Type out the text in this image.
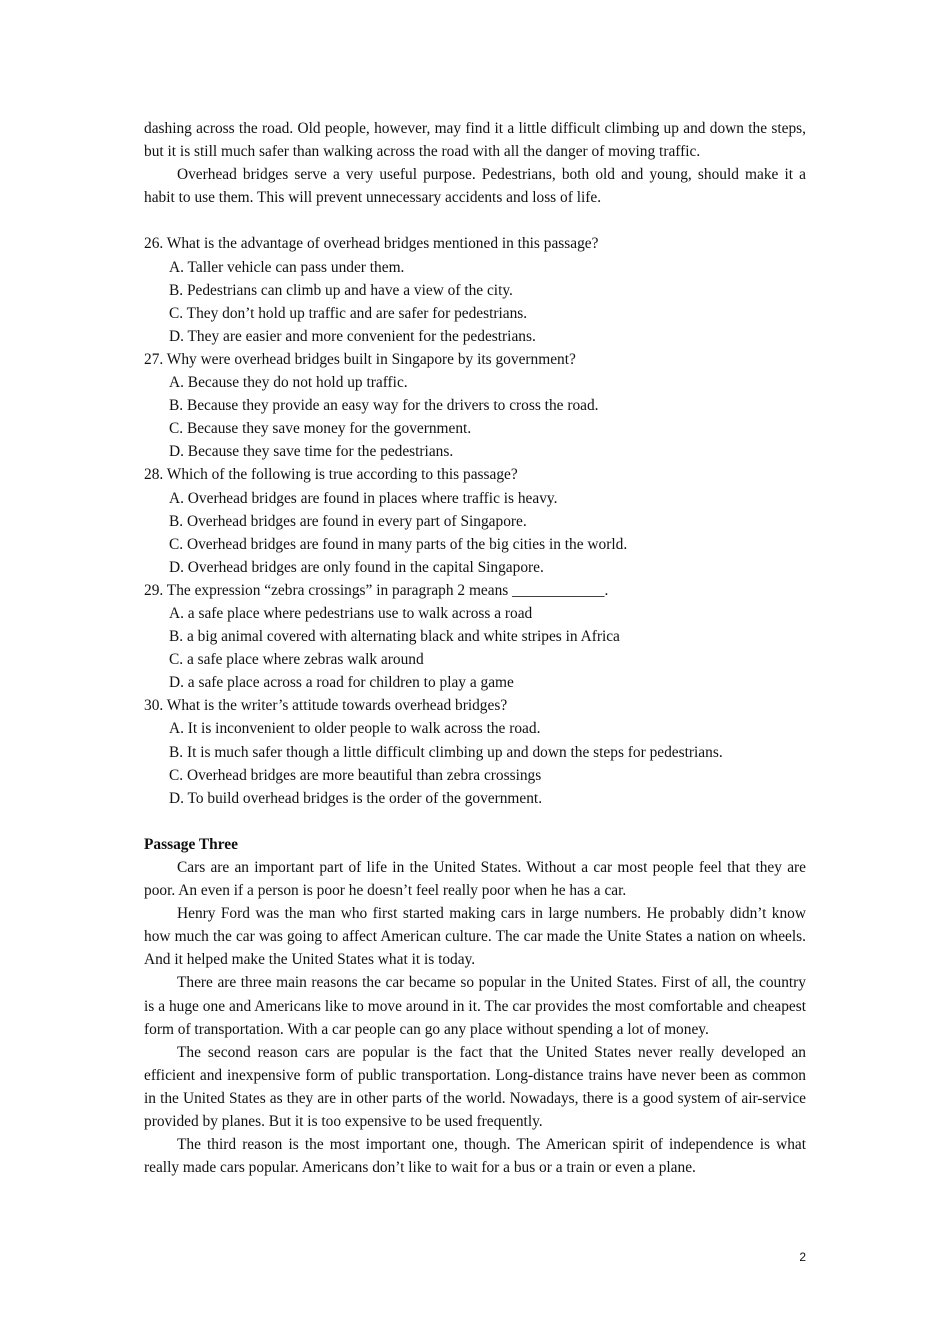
dashing across the road. Old people, however, may find it a little difficult climbing up and down the steps, but it is still much safer than walking across the road with all the danger of moving traffic.

Overhead bridges serve a very useful purpose. Pedestrians, both old and young, should make it a habit to use them. This will prevent unnecessary accidents and loss of life.

26. What is the advantage of overhead bridges mentioned in this passage?

A. Taller vehicle can pass under them.

B. Pedestrians can climb up and have a view of the city.

C. They don’t hold up traffic and are safer for pedestrians.

D. They are easier and more convenient for the pedestrians.

27. Why were overhead bridges built in Singapore by its government?

A. Because they do not hold up traffic.

B. Because they provide an easy way for the drivers to cross the road.

C. Because they save money for the government.

D. Because they save time for the pedestrians.

28. Which of the following is true according to this passage?

A. Overhead bridges are found in places where traffic is heavy.

B. Overhead bridges are found in every part of Singapore.

C. Overhead bridges are found in many parts of the big cities in the world.

D. Overhead bridges are only found in the capital Singapore.

29. The expression “zebra crossings” in paragraph 2 means ____________.

A. a safe place where pedestrians use to walk across a road

B. a big animal covered with alternating black and white stripes in Africa

C. a safe place where zebras walk around

D. a safe place across a road for children to play a game

30. What is the writer’s attitude towards overhead bridges?

A. It is inconvenient to older people to walk across the road.

B. It is much safer though a little difficult climbing up and down the steps for pedestrians.

C. Overhead bridges are more beautiful than zebra crossings

D. To build overhead bridges is the order of the government.

Passage Three

Cars are an important part of life in the United States. Without a car most people feel that they are poor. An even if a person is poor he doesn’t feel really poor when he has a car.

Henry Ford was the man who first started making cars in large numbers. He probably didn’t know how much the car was going to affect American culture. The car made the Unite States a nation on wheels. And it helped make the United States what it is today.

There are three main reasons the car became so popular in the United States. First of all, the country is a huge one and Americans like to move around in it. The car provides the most comfortable and cheapest form of transportation. With a car people can go any place without spending a lot of money.

The second reason cars are popular is the fact that the United States never really developed an efficient and inexpensive form of public transportation. Long-distance trains have never been as common in the United States as they are in other parts of the world. Nowadays, there is a good system of air-service provided by planes. But it is too expensive to be used frequently.

The third reason is the most important one, though. The American spirit of independence is what really made cars popular. Americans don’t like to wait for a bus or a train or even a plane.

2
